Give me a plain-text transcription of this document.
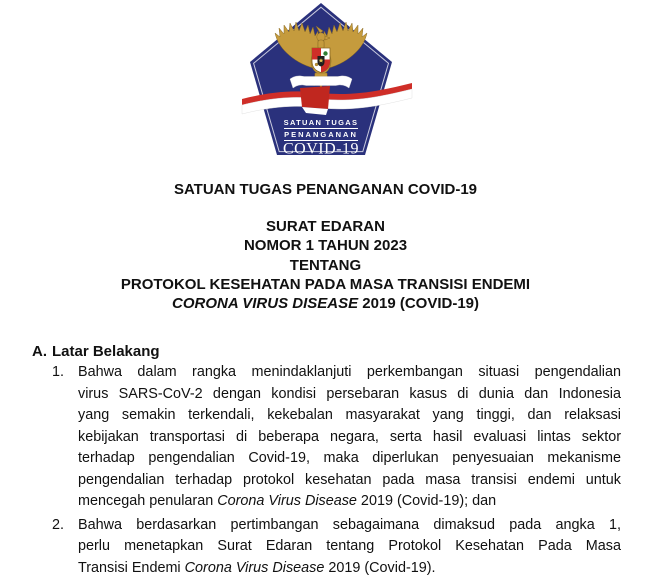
SATUAN TUGAS
PENANGANAN
COVID-19
SATUAN TUGAS PENANGANAN COVID-19
SURAT EDARAN
NOMOR 1 TAHUN 2023
TENTANG
PROTOKOL KESEHATAN PADA MASA TRANSISI ENDEMI
CORONA VIRUS DISEASE 2019 (COVID-19)
A. Latar Belakang
1. Bahwa dalam rangka menindaklanjuti perkembangan situasi pengendalian
virus SARS-CoV-2 dengan kondisi persebaran kasus di dunia dan Indonesia
yang semakin terkendali, kekebalan masyarakat yang tinggi, dan relaksasi
kebijakan transportasi di beberapa negara, serta hasil evaluasi lintas sektor
terhadap pengendalian Covid-19, maka diperlukan penyesuaian mekanisme
pengendalian terhadap protokol kesehatan pada masa transisi endemi untuk
mencegah penularan Corona Virus Disease 2019 (Covid-19); dan
2. Bahwa berdasarkan pertimbangan sebagaimana dimaksud pada angka 1,
perlu menetapkan Surat Edaran tentang Protokol Kesehatan Pada Masa
Transisi Endemi Corona Virus Disease 2019 (Covid-19).
